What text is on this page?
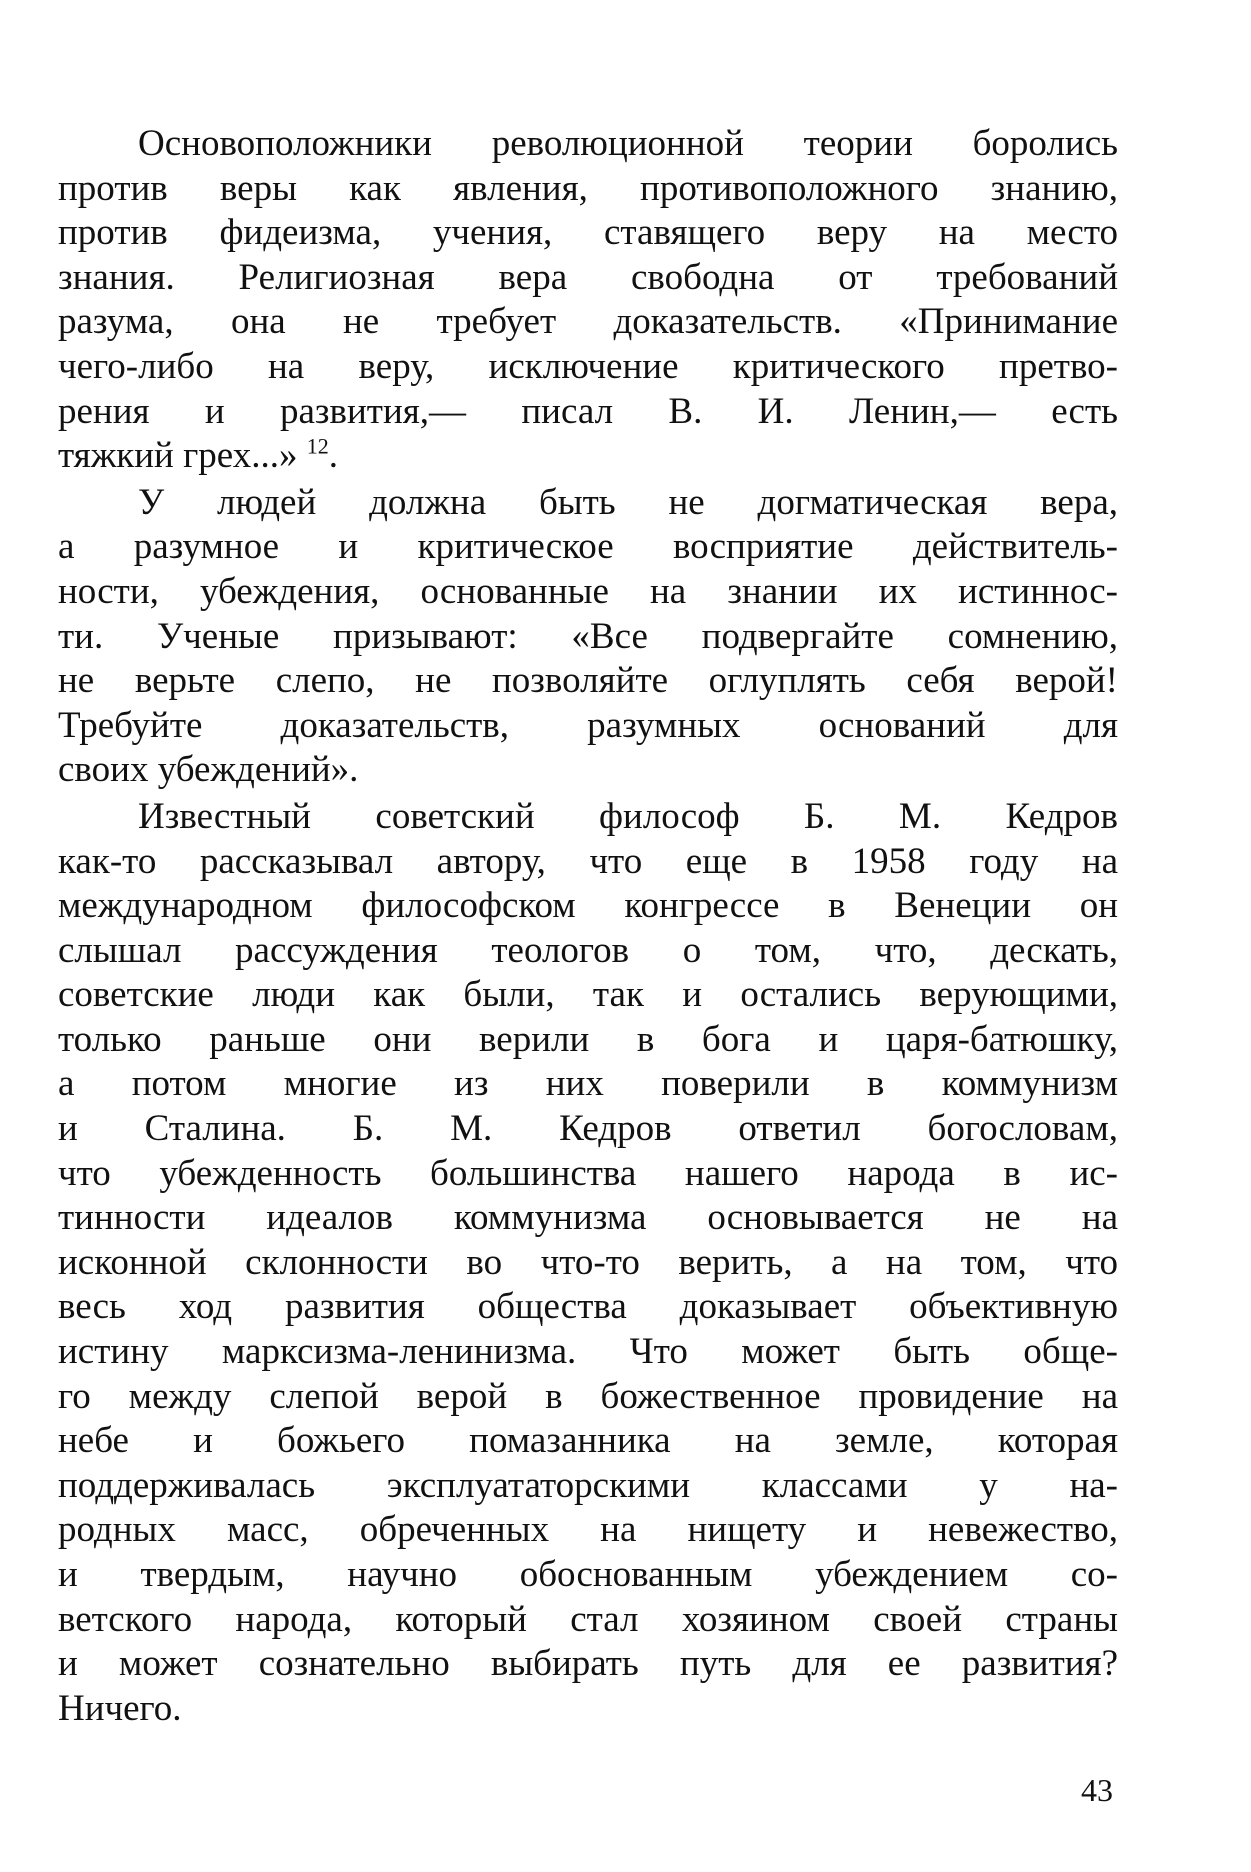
Основоположники революционной теории боролись
против веры как явления, противоположного знанию,
против фидеизма, учения, ставящего веру на место
знания. Религиозная вера свободна от требований
разума, она не требует доказательств. «Принимание
чего-либо на веру, исключение критического претво-
рения и развития,— писал В. И. Ленин,— есть
тяжкий грех...» $^{12}$.
У людей должна быть не догматическая вера,
а разумное и критическое восприятие действитель-
ности, убеждения, основанные на знании их истиннос-
ти. Ученые призывают: «Все подвергайте сомнению,
не верьте слепо, не позволяйте оглуплять себя верой!
Требуйте доказательств, разумных оснований для
своих убеждений».
Известный советский философ Б. М. Кедров
как-то рассказывал автору, что еще в 1958 году на
международном философском конгрессе в Венеции он
слышал рассуждения теологов о том, что, дескать,
советские люди как были, так и остались верующими,
только раньше они верили в бога и царя-батюшку,
а потом многие из них поверили в коммунизм
и Сталина. Б. М. Кедров ответил богословам,
что убежденность большинства нашего народа в ис-
тинности идеалов коммунизма основывается не на
исконной склонности во что-то верить, а на том, что
весь ход развития общества доказывает объективную
истину марксизма-ленинизма. Что может быть обще-
го между слепой верой в божественное провидение на
небе и божьего помазанника на земле, которая
поддерживалась эксплуататорскими классами у на-
родных масс, обреченных на нищету и невежество,
и твердым, научно обоснованным убеждением со-
ветского народа, который стал хозяином своей страны
и может сознательно выбирать путь для ее развития?
Ничего.
43
